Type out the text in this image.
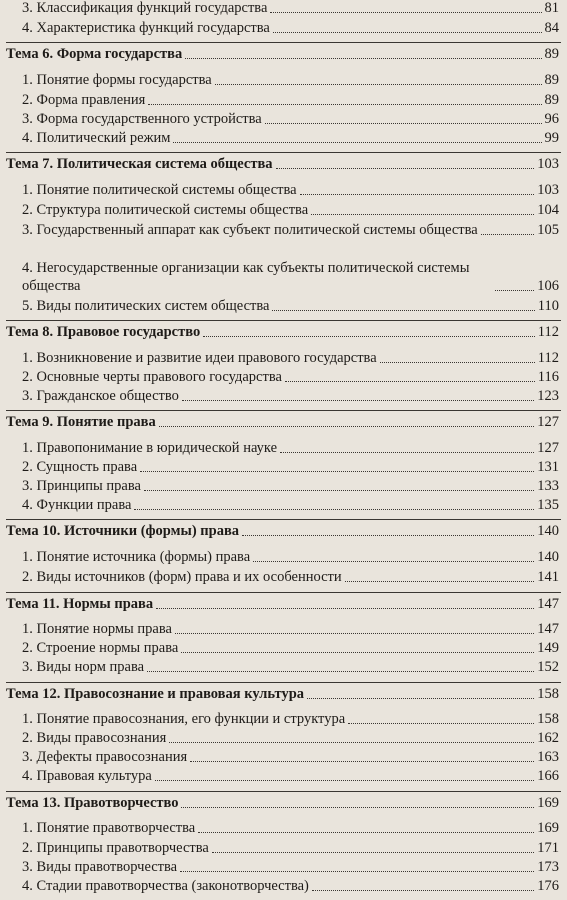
3. Классификация функций государства	81
4. Характеристика функций государства	84
Тема 6. Форма государства	89
1. Понятие формы государства	89
2. Форма правления	89
3. Форма государственного устройства	96
4. Политический режим	99
Тема 7. Политическая система общества	103
1. Понятие политической системы общества	103
2. Структура политической системы общества	104
3. Государственный аппарат как субъект политической системы общества	105
4. Негосударственные организации как субъекты политической системы общества	106
5. Виды политических систем общества	110
Тема 8. Правовое государство	112
1. Возникновение и развитие идеи правового государства	112
2. Основные черты правового государства	116
3. Гражданское общество	123
Тема 9. Понятие права	127
1. Правопонимание в юридической науке	127
2. Сущность права	131
3. Принципы права	133
4. Функции права	135
Тема 10. Источники (формы) права	140
1. Понятие источника (формы) права	140
2. Виды источников (форм) права и их особенности	141
Тема 11. Нормы права	147
1. Понятие нормы права	147
2. Строение нормы права	149
3. Виды норм права	152
Тема 12. Правосознание и правовая культура	158
1. Понятие правосознания, его функции и структура	158
2. Виды правосознания	162
3. Дефекты правосознания	163
4. Правовая культура	166
Тема 13. Правотворчество	169
1. Понятие правотворчества	169
2. Принципы правотворчества	171
3. Виды правотворчества	173
4. Стадии правотворчества (законотворчества)	176
